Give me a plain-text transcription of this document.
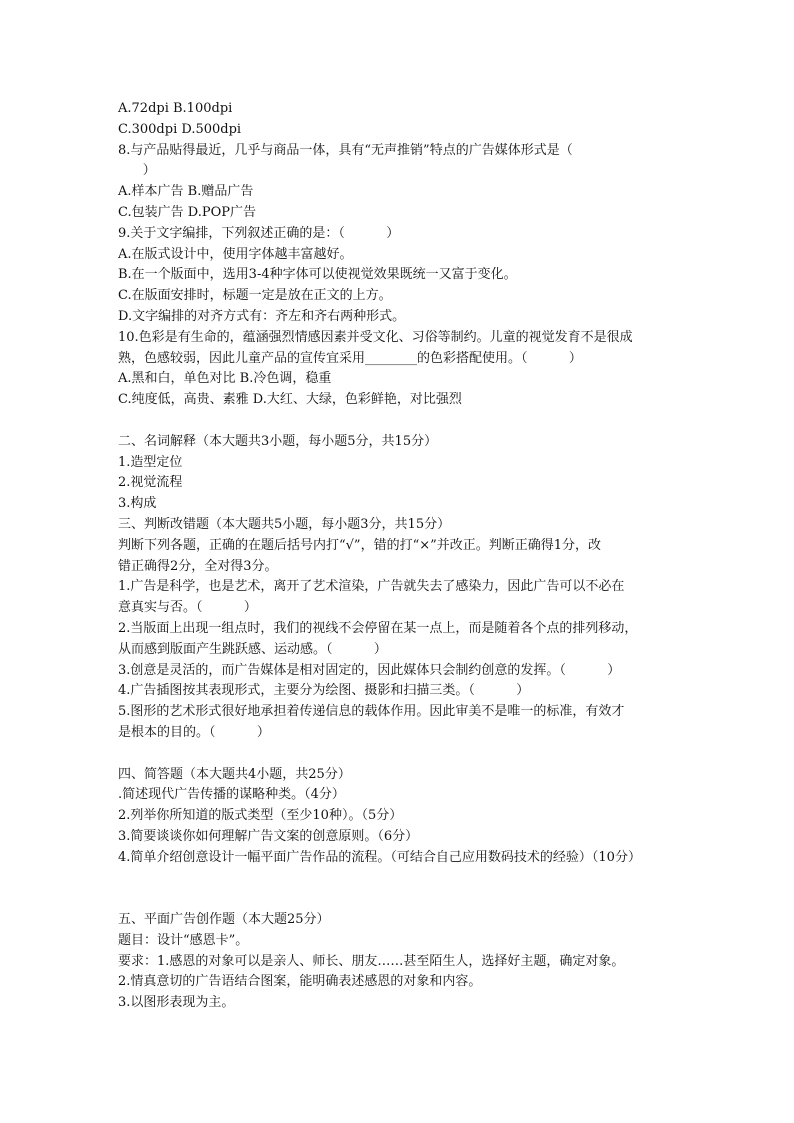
A.72dpi B.100dpi

C.300dpi D.500dpi

8.与产品贴得最近，几乎与商品一体，具有“无声推销”特点的广告媒体形式是（

）

A.样本广告 B.赠品广告

C.包装广告 D.POP广告

9.关于文字编排，下列叙述正确的是：（          ）

A.在版式设计中，使用字体越丰富越好。

B.在一个版面中，选用3-4种字体可以使视觉效果既统一又富于变化。

C.在版面安排时，标题一定是放在正文的上方。

D.文字编排的对齐方式有：齐左和齐右两种形式。

10.色彩是有生命的，蕴涵强烈情感因素并受文化、习俗等制约。儿童的视觉发育不是很成

熟，色感较弱，因此儿童产品的宣传宜采用________的色彩搭配使用。（          ）

A.黑和白，单色对比 B.冷色调，稳重

C.纯度低，高贵、素雅 D.大红、大绿，色彩鲜艳，对比强烈

二、名词解释（本大题共3小题，每小题5分，共15分）

1.造型定位

2.视觉流程

3.构成

三、判断改错题（本大题共5小题，每小题3分，共15分）

判断下列各题，正确的在题后括号内打“√”，错的打“×”并改正。判断正确得1分，改

错正确得2分，全对得3分。

1.广告是科学，也是艺术，离开了艺术渲染，广告就失去了感染力，因此广告可以不必在

意真实与否。（          ）

2.当版面上出现一组点时，我们的视线不会停留在某一点上，而是随着各个点的排列移动，

从而感到版面产生跳跃感、运动感。（          ）

3.创意是灵活的，而广告媒体是相对固定的，因此媒体只会制约创意的发挥。（          ）

4.广告插图按其表现形式，主要分为绘图、摄影和扫描三类。（          ）

5.图形的艺术形式很好地承担着传递信息的载体作用。因此审美不是唯一的标准，有效才

是根本的目的。（          ）

四、简答题（本大题共4小题，共25分）

.简述现代广告传播的谋略种类。（4分）

2.列举你所知道的版式类型（至少10种）。（5分）

3.简要谈谈你如何理解广告文案的创意原则。（6分）

4.简单介绍创意设计一幅平面广告作品的流程。（可结合自己应用数码技术的经验）（10分）

五、平面广告创作题（本大题25分）

题目：设计“感恩卡”。

要求：1.感恩的对象可以是亲人、师长、朋友……甚至陌生人，选择好主题，确定对象。

2.情真意切的广告语结合图案，能明确表述感恩的对象和内容。

3.以图形表现为主。
